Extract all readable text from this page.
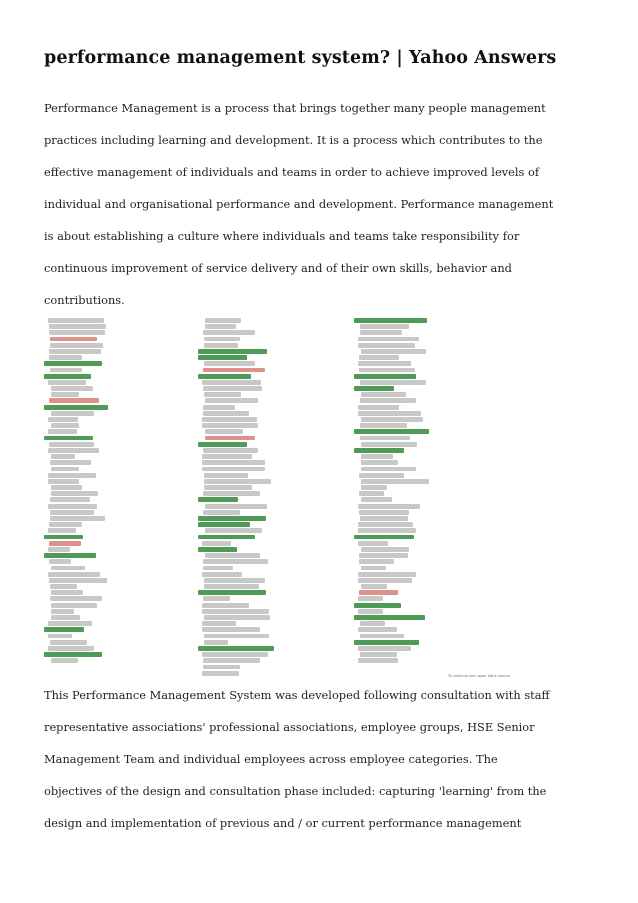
performance management system? | Yahoo Answers

Performance Management is a process that brings together many people management

practices including learning and development. It is a process which contributes to the

effective management of individuals and teams in order to achieve improved levels of

individual and organisational performance and development. Performance management

is about establishing a culture where individuals and teams take responsibility for

continuous improvement of service delivery and of their own skills, behavior and

contributions.

To continue see upper right column

This Performance Management System was developed following consultation with staff

representative associations' professional associations, employee groups, HSE Senior

Management Team and individual employees across employee categories. The

objectives of the design and consultation phase included: capturing 'learning' from the

design and implementation of previous and / or current performance management
